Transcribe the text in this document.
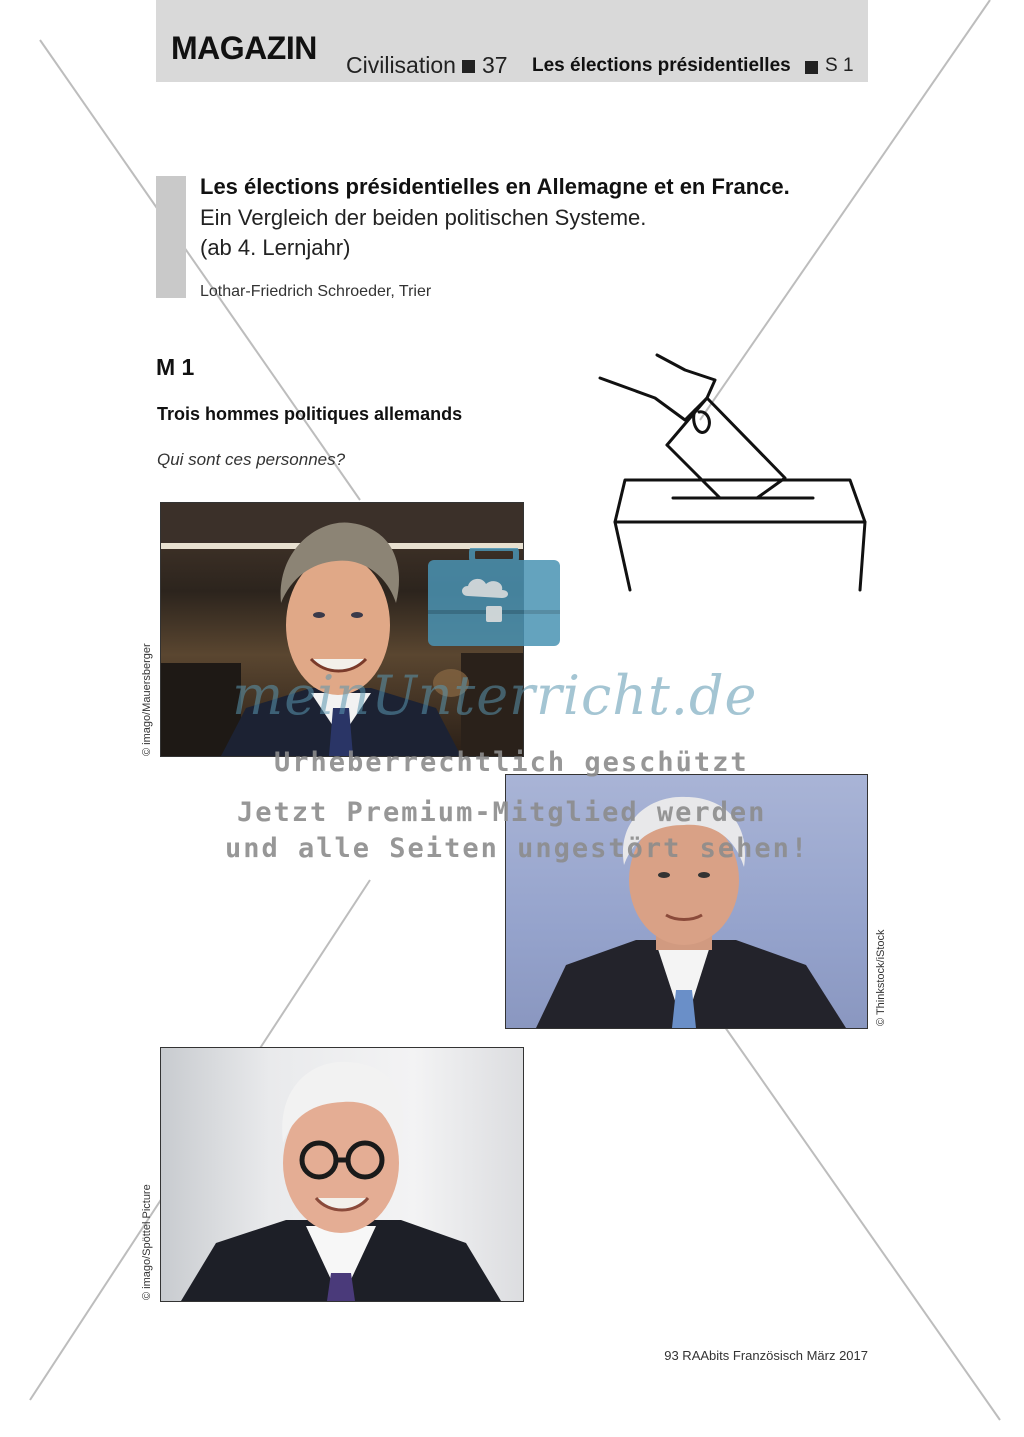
MAGAZIN Civilisation 37 Les élections présidentielles S 1
Les élections présidentielles en Allemagne et en France.
Ein Vergleich der beiden politischen Systeme.
(ab 4. Lernjahr)
Lothar-Friedrich Schroeder, Trier
M 1
Trois hommes politiques allemands
Qui sont ces personnes?
© imago/Mauersberger
© Thinkstock/iStock
© imago/Spöttel Picture
meinUnterricht.de
Urheberrechtlich geschützt
Jetzt Premium-Mitglied werden
und alle Seiten ungestört sehen!
93 RAAbits Französisch März 2017
